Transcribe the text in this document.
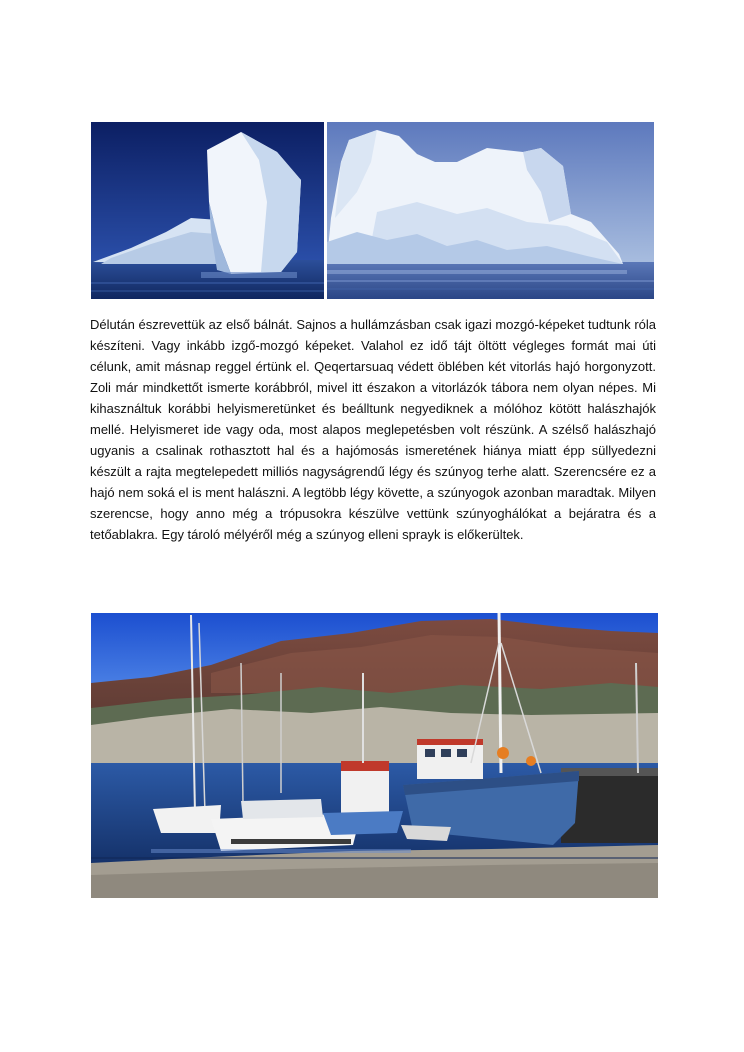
Délután észrevettük az első bálnát. Sajnos a hullámzásban csak igazi mozgó-képeket tudtunk róla készíteni. Vagy inkább izgő-mozgó képeket. Valahol ez idő tájt öltött végleges formát mai úti célunk, amit másnap reggel értünk el. Qeqertarsuaq védett öblében két vitorlás hajó horgonyzott. Zoli már mindkettőt ismerte korábbról, mivel itt északon a vitorlázók tábora nem olyan népes. Mi kihasználtuk korábbi helyismeretünket és beálltunk negyediknek a mólóhoz kötött halászhajók mellé. Helyismeret ide vagy oda, most alapos meglepetésben volt részünk. A szélső halászhajó ugyanis a csalinak rothasztott hal és a hajómosás ismeretének hiánya miatt épp süllyedezni készült a rajta megtelepedett milliós nagyságrendű légy és szúnyog terhe alatt. Szerencsére ez a hajó nem soká el is ment halászni. A legtöbb légy követte, a szúnyogok azonban maradtak. Milyen szerencse, hogy anno még a trópusokra készülve vettünk szúnyoghálókat a bejáratra és a tetőablakra. Egy tároló mélyéről még a szúnyog elleni sprayk is előkerültek.
